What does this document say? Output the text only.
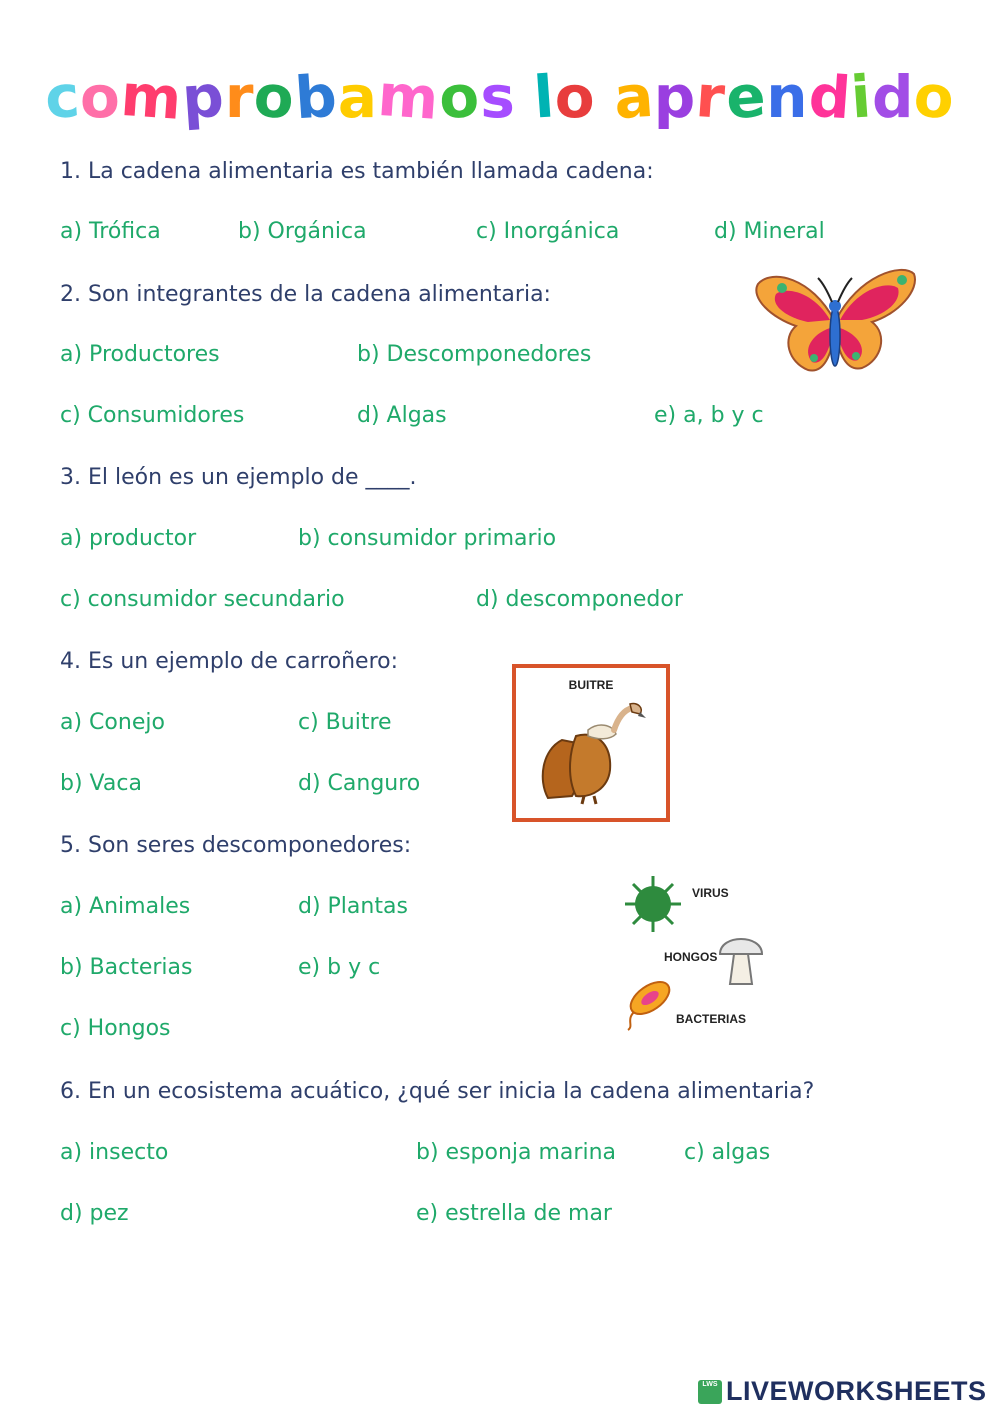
comprobamos lo aprendido
1. La cadena alimentaria es también llamada cadena:
a) Trófica	b) Orgánica	c) Inorgánica	d) Mineral
2. Son integrantes de la cadena alimentaria:
a) Productores	b) Descomponedores
c) Consumidores	d) Algas	e) a, b y c
3. El león es un ejemplo de ____.
a) productor	b) consumidor primario
c) consumidor secundario	d) descomponedor
4. Es un ejemplo de carroñero:
a) Conejo	c) Buitre
b) Vaca	d) Canguro
BUITRE
5. Son seres descomponedores:
a) Animales	d) Plantas
b) Bacterias	e) b y c
c) Hongos
VIRUS
HONGOS
BACTERIAS
6. En un ecosistema acuático, ¿qué ser inicia la cadena alimentaria?
a) insecto	b) esponja marina	c) algas
d) pez	e) estrella de mar
LWS LIVEWORKSHEETS
